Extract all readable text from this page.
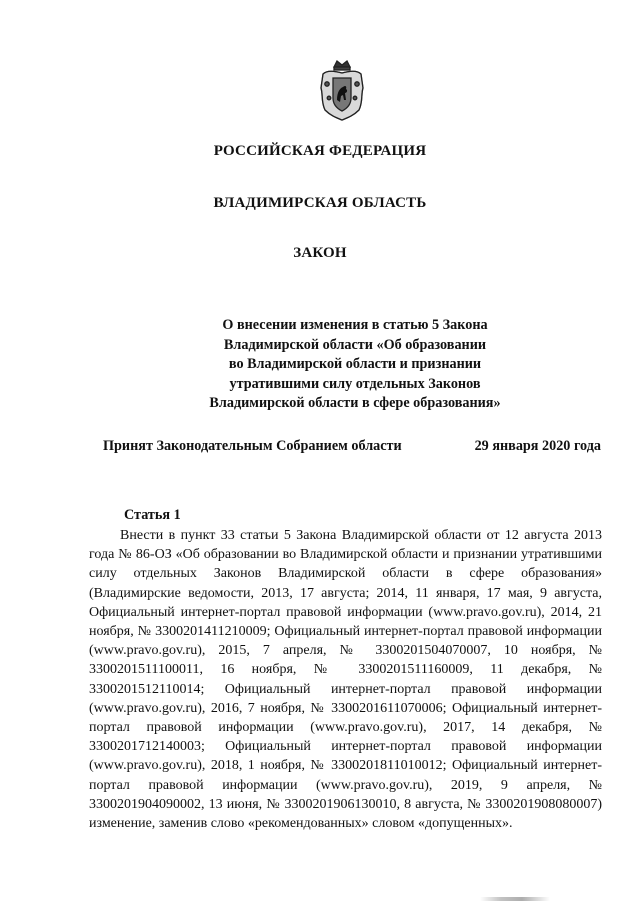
РОССИЙСКАЯ ФЕДЕРАЦИЯ
ВЛАДИМИРСКАЯ ОБЛАСТЬ
ЗАКОН
О внесении изменения в статью 5 Закона
Владимирской области «Об образовании
во Владимирской области и признании
утратившими силу отдельных Законов
Владимирской области в сфере образования»
Принят Законодательным Собранием области	29 января 2020 года
Статья 1

Внести в пункт 33 статьи 5 Закона Владимирской области от 12 августа 2013 года № 86-ОЗ «Об образовании во Владимирской области и признании утратившими силу отдельных Законов Владимирской области в сфере образования» (Владимирские ведомости, 2013, 17 августа; 2014, 11 января, 17 мая, 9 августа, Официальный интернет-портал правовой информации (www.pravo.gov.ru), 2014, 21 ноября, № 3300201411210009; Официальный интернет-портал правовой информации (www.pravo.gov.ru), 2015, 7 апреля, № 3300201504070007, 10 ноября, № 3300201511100011, 16 ноября, № 3300201511160009, 11 декабря, № 3300201512110014; Официальный интернет-портал правовой информации (www.pravo.gov.ru), 2016, 7 ноября, № 3300201611070006; Официальный интернет-портал правовой информации (www.pravo.gov.ru), 2017, 14 декабря, № 3300201712140003; Официальный интернет-портал правовой информации (www.pravo.gov.ru), 2018, 1 ноября, № 3300201811010012; Официальный интернет-портал правовой информации (www.pravo.gov.ru), 2019, 9 апреля, № 3300201904090002, 13 июня, № 3300201906130010, 8 августа, № 3300201908080007) изменение, заменив слово «рекомендованных» словом «допущенных».
